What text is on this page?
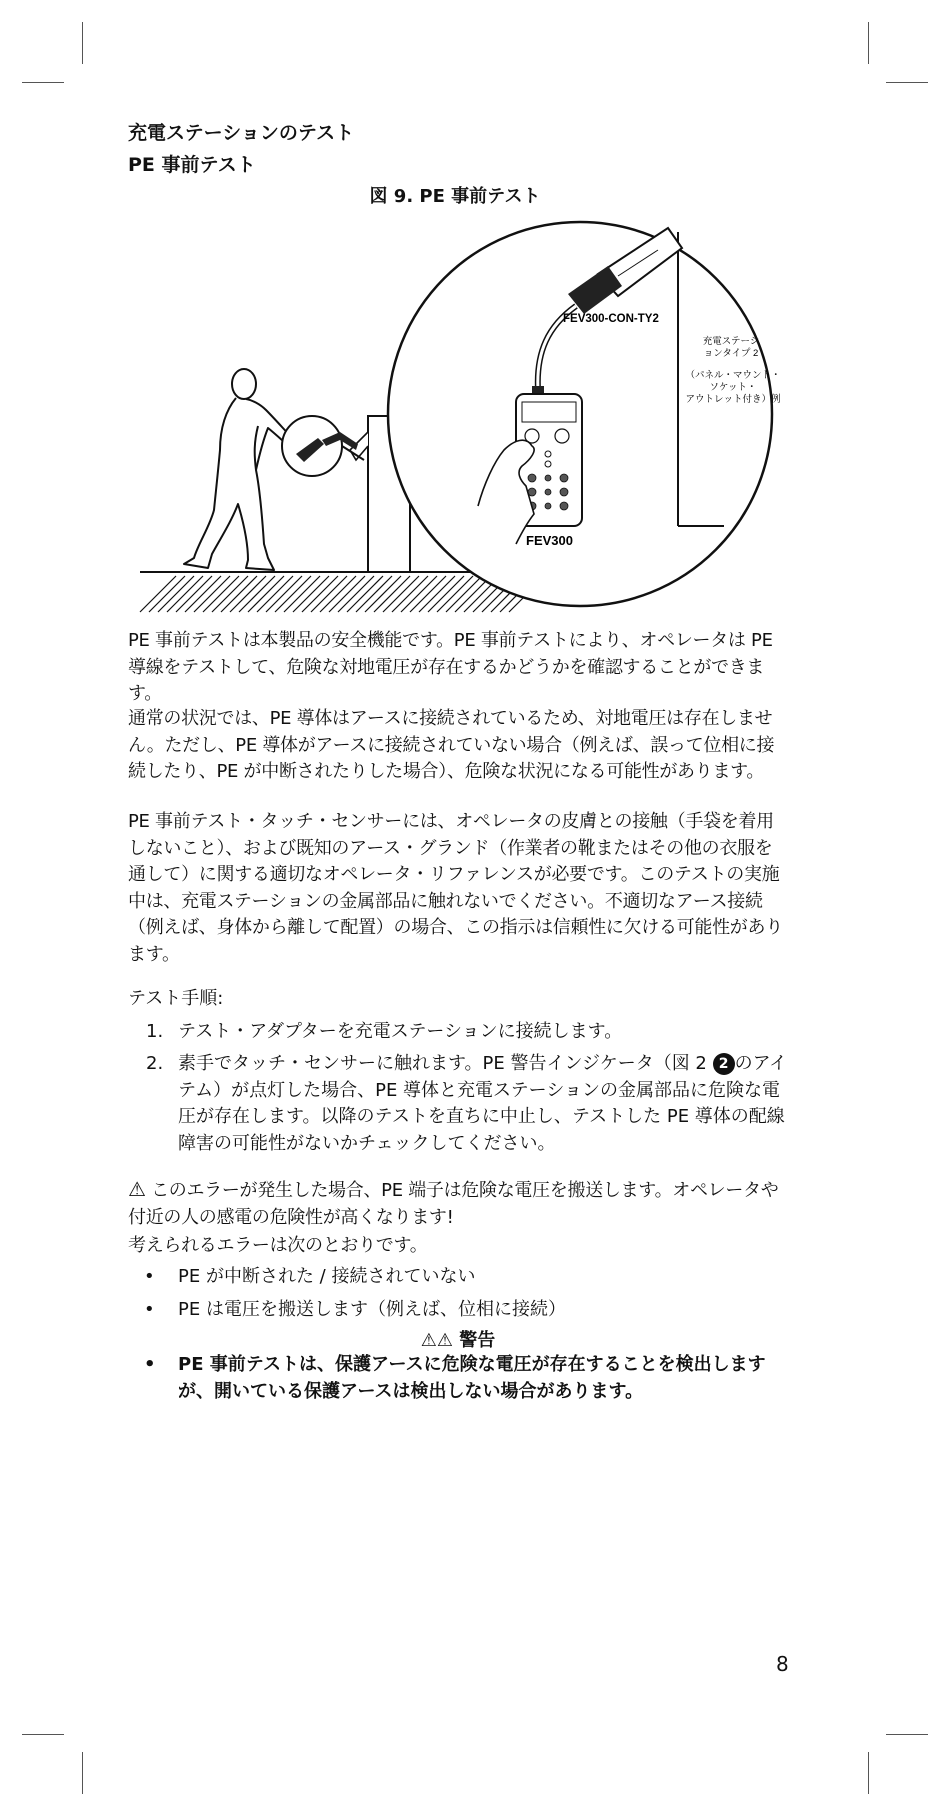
充電ステーションのテスト
PE 事前テスト
図 9. PE 事前テスト
FEV300-CON-TY2
FEV300
充電ステーシ
ョンタイプ 2
（パネル・マウント・
ソケット・
アウトレット付き）例
PE 事前テストは本製品の安全機能です。PE 事前テストにより、オペレータは PE 導線をテストして、危険な対地電圧が存在するかどうかを確認することができます。
通常の状況では、PE 導体はアースに接続されているため、対地電圧は存在しません。ただし、PE 導体がアースに接続されていない場合（例えば、誤って位相に接続したり、PE が中断されたりした場合）、危険な状況になる可能性があります。
PE 事前テスト・タッチ・センサーには、オペレータの皮膚との接触（手袋を着用しないこと）、および既知のアース・グランド（作業者の靴またはその他の衣服を通して）に関する適切なオペレータ・リファレンスが必要です。このテストの実施中は、充電ステーションの金属部品に触れないでください。不適切なアース接続（例えば、身体から離して配置）の場合、この指示は信頼性に欠ける可能性があります。
テスト手順:
1. テスト・アダプターを充電ステーションに接続します。
2. 素手でタッチ・センサーに触れます。PE 警告インジケータ（図 2 2 のアイテム）が点灯した場合、PE 導体と充電ステーションの金属部品に危険な電圧が存在します。以降のテストを直ちに中止し、テストした PE 導体の配線障害の可能性がないかチェックしてください。
⚠ このエラーが発生した場合、PE 端子は危険な電圧を搬送します。オペレータや付近の人の感電の危険性が高くなります!
考えられるエラーは次のとおりです。
• PE が中断された / 接続されていない
• PE は電圧を搬送します（例えば、位相に接続）
⚠⚠ 警告
• PE 事前テストは、保護アースに危険な電圧が存在することを検出しますが、開いている保護アースは検出しない場合があります。
8
